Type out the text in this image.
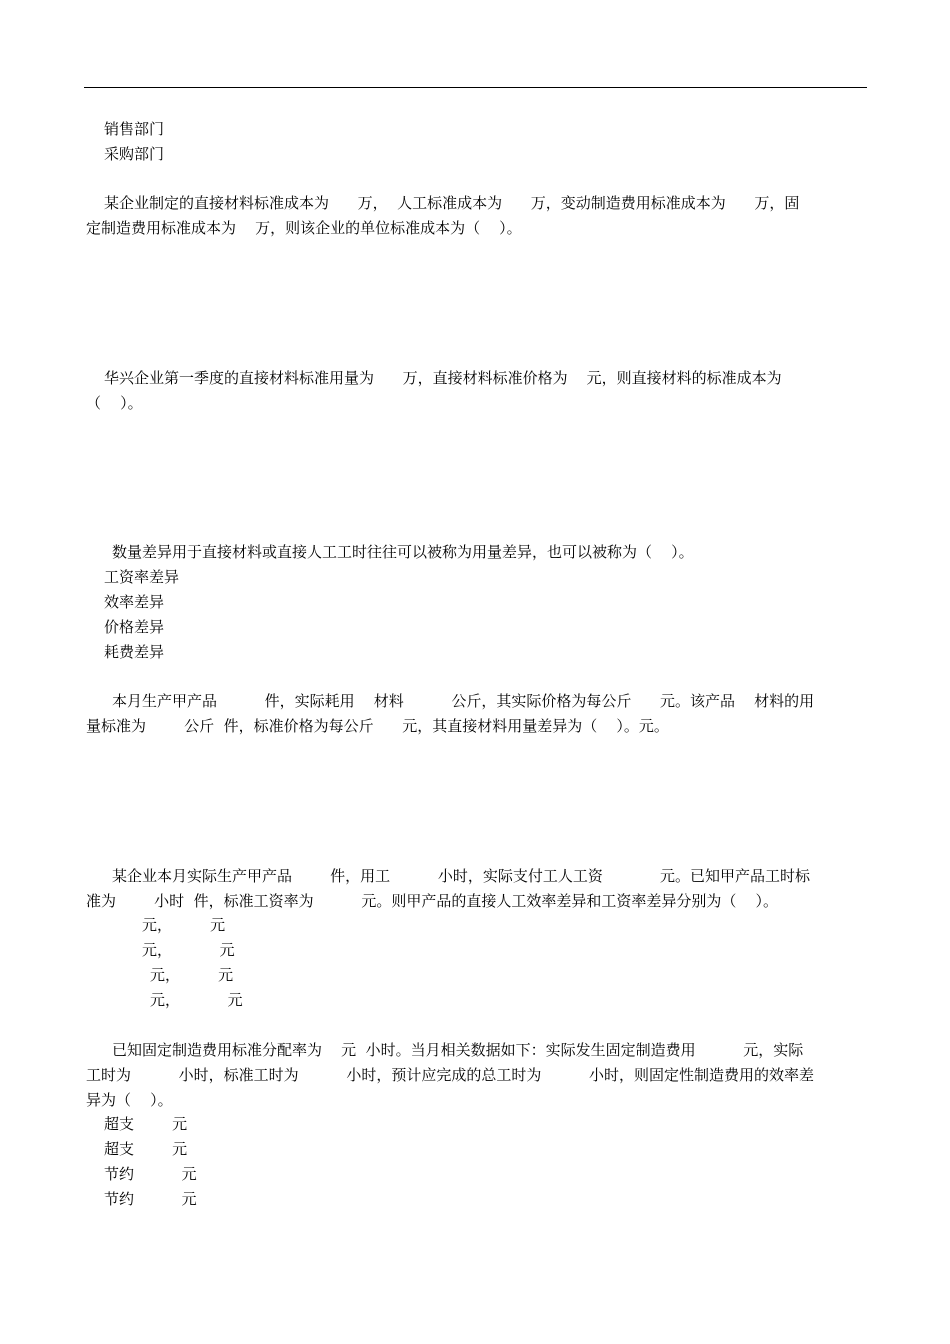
销售部门
采购部门
某企业制定的直接材料标准成本为      万，  人工标准成本为      万，变动制造费用标准成本为      万，固
定制造费用标准成本为    万，则该企业的单位标准成本为（    ）。
华兴企业第一季度的直接材料标准用量为      万，直接材料标准价格为    元，则直接材料的标准成本为
（    ）。
数量差异用于直接材料或直接人工工时往往可以被称为用量差异，也可以被称为（    ）。
工资率差异
效率差异
价格差异
耗费差异
本月生产甲产品          件，实际耗用    材料          公斤，其实际价格为每公斤      元。该产品    材料的用
量标准为        公斤  件，标准价格为每公斤      元，其直接材料用量差异为（    ）。元。
某企业本月实际生产甲产品        件，用工          小时，实际支付工人工资            元。已知甲产品工时标
准为        小时  件，标准工资率为          元。则甲产品的直接人工效率差异和工资率差异分别为（    ）。
元，        元
元，          元
元，        元
元，          元
已知固定制造费用标准分配率为    元  小时。当月相关数据如下：实际发生固定制造费用          元，实际
工时为          小时，标准工时为          小时，预计应完成的总工时为          小时，则固定性制造费用的效率差
异为（    ）。
超支        元
超支        元
节约          元
节约          元
